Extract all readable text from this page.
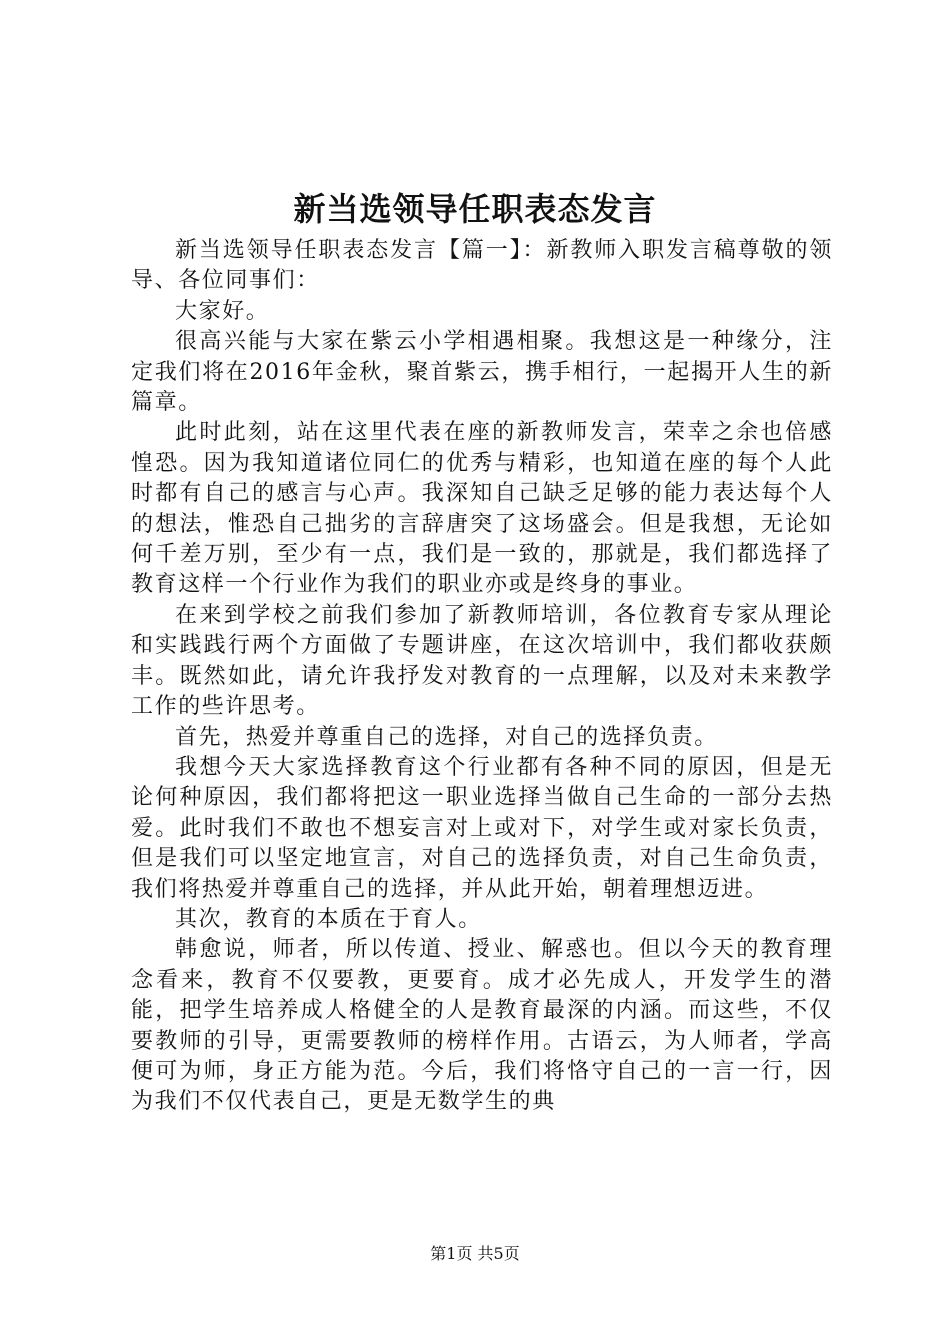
新当选领导任职表态发言

新当选领导任职表态发言【篇一】：新教师入职发言稿尊敬的领导、各位同事们：

大家好。

很高兴能与大家在紫云小学相遇相聚。我想这是一种缘分，注定我们将在2016年金秋，聚首紫云，携手相行，一起揭开人生的新篇章。

此时此刻，站在这里代表在座的新教师发言，荣幸之余也倍感惶恐。因为我知道诸位同仁的优秀与精彩，也知道在座的每个人此时都有自己的感言与心声。我深知自己缺乏足够的能力表达每个人的想法，惟恐自己拙劣的言辞唐突了这场盛会。但是我想，无论如何千差万别，至少有一点，我们是一致的，那就是，我们都选择了教育这样一个行业作为我们的职业亦或是终身的事业。

在来到学校之前我们参加了新教师培训，各位教育专家从理论和实践践行两个方面做了专题讲座，在这次培训中，我们都收获颇丰。既然如此，请允许我抒发对教育的一点理解，以及对未来教学工作的些许思考。

首先，热爱并尊重自己的选择，对自己的选择负责。

我想今天大家选择教育这个行业都有各种不同的原因，但是无论何种原因，我们都将把这一职业选择当做自己生命的一部分去热爱。此时我们不敢也不想妄言对上或对下，对学生或对家长负责，但是我们可以坚定地宣言，对自己的选择负责，对自己生命负责，我们将热爱并尊重自己的选择，并从此开始，朝着理想迈进。

其次，教育的本质在于育人。

韩愈说，师者，所以传道、授业、解惑也。但以今天的教育理念看来，教育不仅要教，更要育。成才必先成人，开发学生的潜能，把学生培养成人格健全的人是教育最深的内涵。而这些，不仅要教师的引导，更需要教师的榜样作用。古语云，为人师者，学高便可为师，身正方能为范。今后，我们将恪守自己的一言一行，因为我们不仅代表自己，更是无数学生的典

第1页 共5页
